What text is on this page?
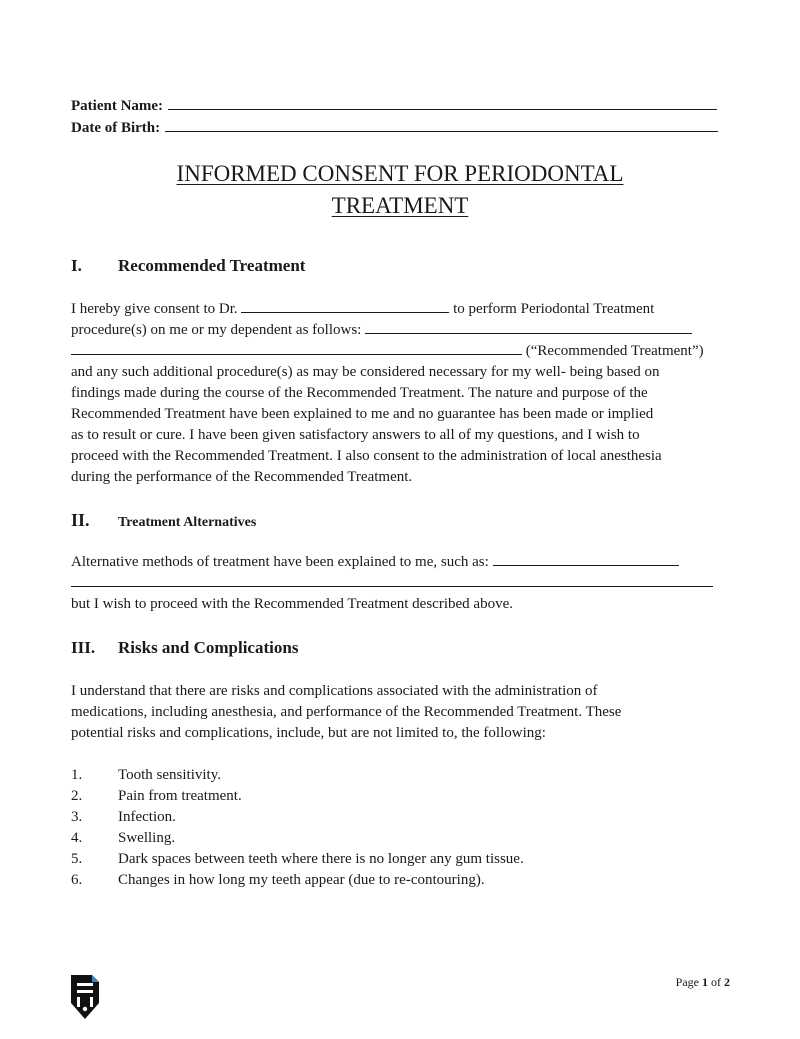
Patient Name:
Date of Birth:
INFORMED CONSENT FOR PERIODONTAL
TREATMENT
I. Recommended Treatment
I hereby give consent to Dr.	to perform Periodontal Treatment
procedure(s) on me or my dependent as follows:
(“Recommended Treatment”)
and any such additional procedure(s) as may be considered necessary for my well- being based on
findings made during the course of the Recommended Treatment. The nature and purpose of the
Recommended Treatment have been explained to me and no guarantee has been made or implied
as to result or cure. I have been given satisfactory answers to all of my questions, and I wish to
proceed with the Recommended Treatment. I also consent to the administration of local anesthesia
during the performance of the Recommended Treatment.
II. Treatment Alternatives
Alternative methods of treatment have been explained to me, such as:
but I wish to proceed with the Recommended Treatment described above.
III. Risks and Complications
I understand that there are risks and complications associated with the administration of
medications, including anesthesia, and performance of the Recommended Treatment. These
potential risks and complications, include, but are not limited to, the following:
1. Tooth sensitivity.
2. Pain from treatment.
3. Infection.
4. Swelling.
5. Dark spaces between teeth where there is no longer any gum tissue.
6. Changes in how long my teeth appear (due to re-contouring).
Page 1 of 2
